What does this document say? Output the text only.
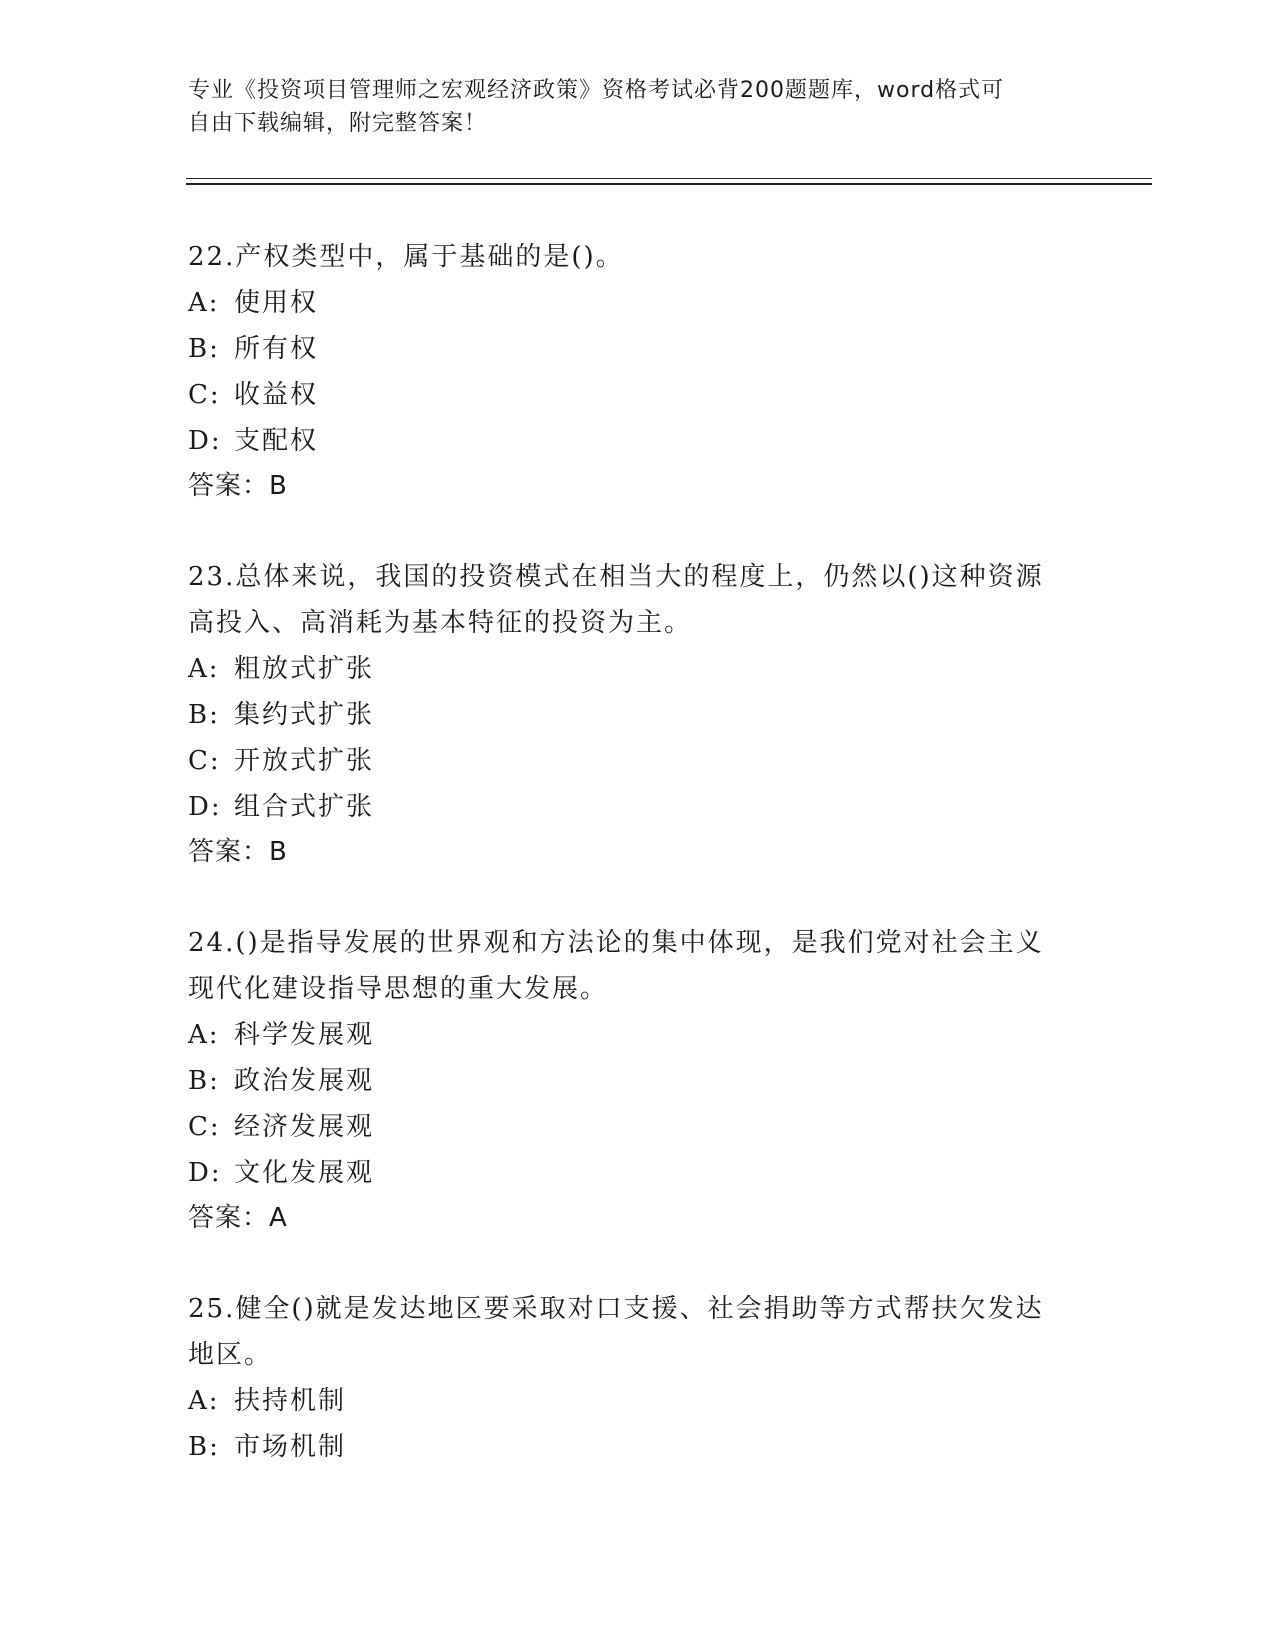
专业《投资项目管理师之宏观经济政策》资格考试必背200题题库，word格式可
自由下载编辑，附完整答案！

22.产权类型中，属于基础的是()。

A: 使用权

B: 所有权

C: 收益权

D: 支配权

答案：B

23.总体来说，我国的投资模式在相当大的程度上，仍然以()这种资源

高投入、高消耗为基本特征的投资为主。

A: 粗放式扩张

B: 集约式扩张

C: 开放式扩张

D: 组合式扩张

答案：B

24.()是指导发展的世界观和方法论的集中体现，是我们党对社会主义

现代化建设指导思想的重大发展。

A: 科学发展观

B: 政治发展观

C: 经济发展观

D: 文化发展观

答案：A

25.健全()就是发达地区要采取对口支援、社会捐助等方式帮扶欠发达

地区。

A: 扶持机制

B: 市场机制
